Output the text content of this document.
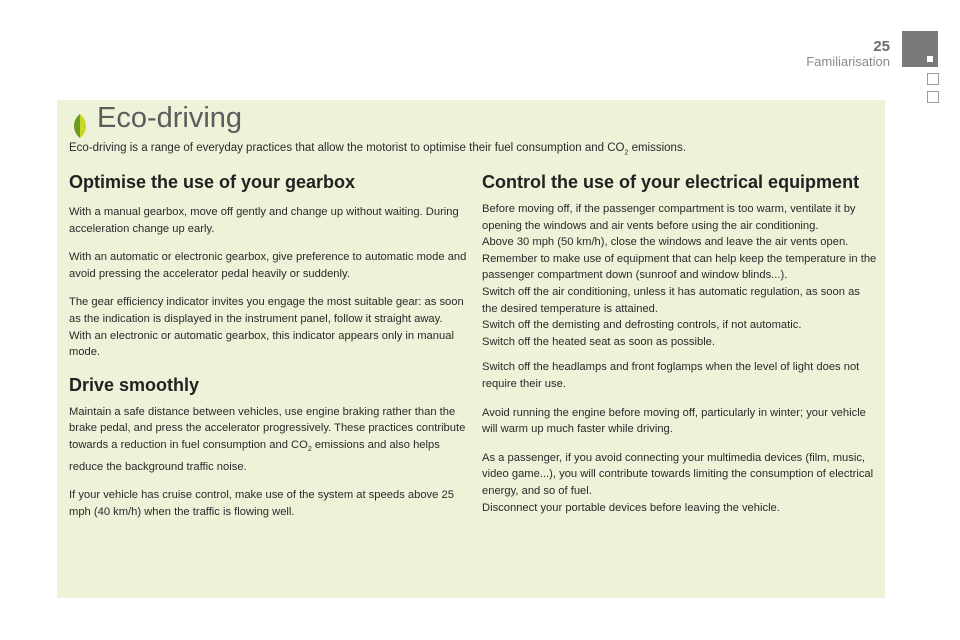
25
Familiarisation
Eco-driving
Eco-driving is a range of everyday practices that allow the motorist to optimise their fuel consumption and $CO_2$ emissions.
Optimise the use of your gearbox

With a manual gearbox, move off gently and change up without waiting. During acceleration change up early.

With an automatic or electronic gearbox, give preference to automatic mode and avoid pressing the accelerator pedal heavily or suddenly.

The gear efficiency indicator invites you engage the most suitable gear: as soon as the indication is displayed in the instrument panel, follow it straight away.

With an electronic or automatic gearbox, this indicator appears only in manual mode.

Drive smoothly

Maintain a safe distance between vehicles, use engine braking rather than the brake pedal, and press the accelerator progressively. These practices contribute towards a reduction in fuel consumption and $CO_2$ emissions and also helps reduce the background traffic noise.

If your vehicle has cruise control, make use of the system at speeds above 25 mph (40 km/h) when the traffic is flowing well.

Control the use of your electrical equipment

Before moving off, if the passenger compartment is too warm, ventilate it by opening the windows and air vents before using the air conditioning.

Above 30 mph (50 km/h), close the windows and leave the air vents open.

Remember to make use of equipment that can help keep the temperature in the passenger compartment down (sunroof and window blinds...).

Switch off the air conditioning, unless it has automatic regulation, as soon as the desired temperature is attained.

Switch off the demisting and defrosting controls, if not automatic.

Switch off the heated seat as soon as possible.

Switch off the headlamps and front foglamps when the level of light does not require their use.

Avoid running the engine before moving off, particularly in winter; your vehicle will warm up much faster while driving.

As a passenger, if you avoid connecting your multimedia devices (film, music, video game...), you will contribute towards limiting the consumption of electrical energy, and so of fuel.

Disconnect your portable devices before leaving the vehicle.
